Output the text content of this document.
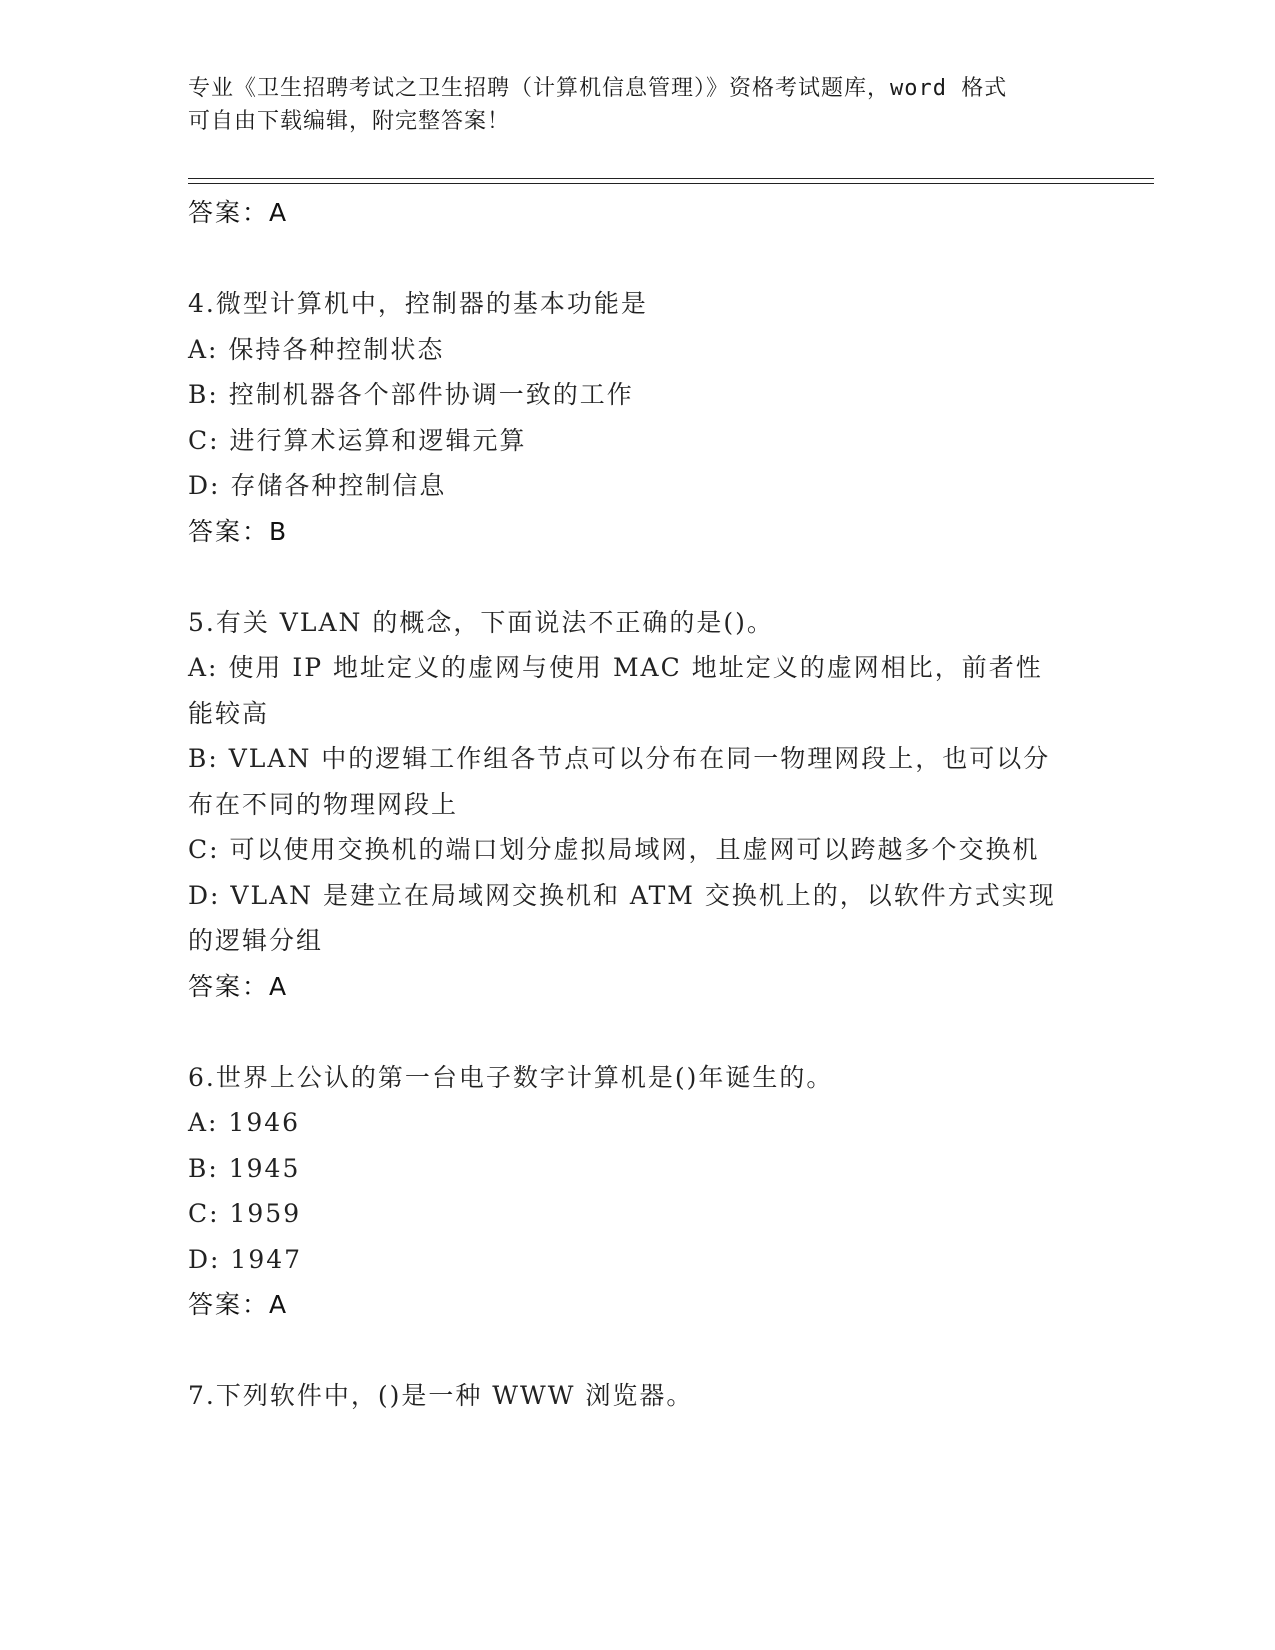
专业《卫生招聘考试之卫生招聘（计算机信息管理）》资格考试题库，word 格式
可自由下载编辑，附完整答案！
答案：A
4.微型计算机中，控制器的基本功能是
A: 保持各种控制状态
B: 控制机器各个部件协调一致的工作
C: 进行算术运算和逻辑元算
D: 存储各种控制信息
答案：B
5.有关 VLAN 的概念，下面说法不正确的是()。
A: 使用 IP 地址定义的虚网与使用 MAC 地址定义的虚网相比，前者性能较高
B: VLAN 中的逻辑工作组各节点可以分布在同一物理网段上，也可以分布在不同的物理网段上
C: 可以使用交换机的端口划分虚拟局域网，且虚网可以跨越多个交换机
D: VLAN 是建立在局域网交换机和 ATM 交换机上的，以软件方式实现的逻辑分组
答案：A
6.世界上公认的第一台电子数字计算机是()年诞生的。
A: 1946
B: 1945
C: 1959
D: 1947
答案：A
7.下列软件中，()是一种 WWW 浏览器。
